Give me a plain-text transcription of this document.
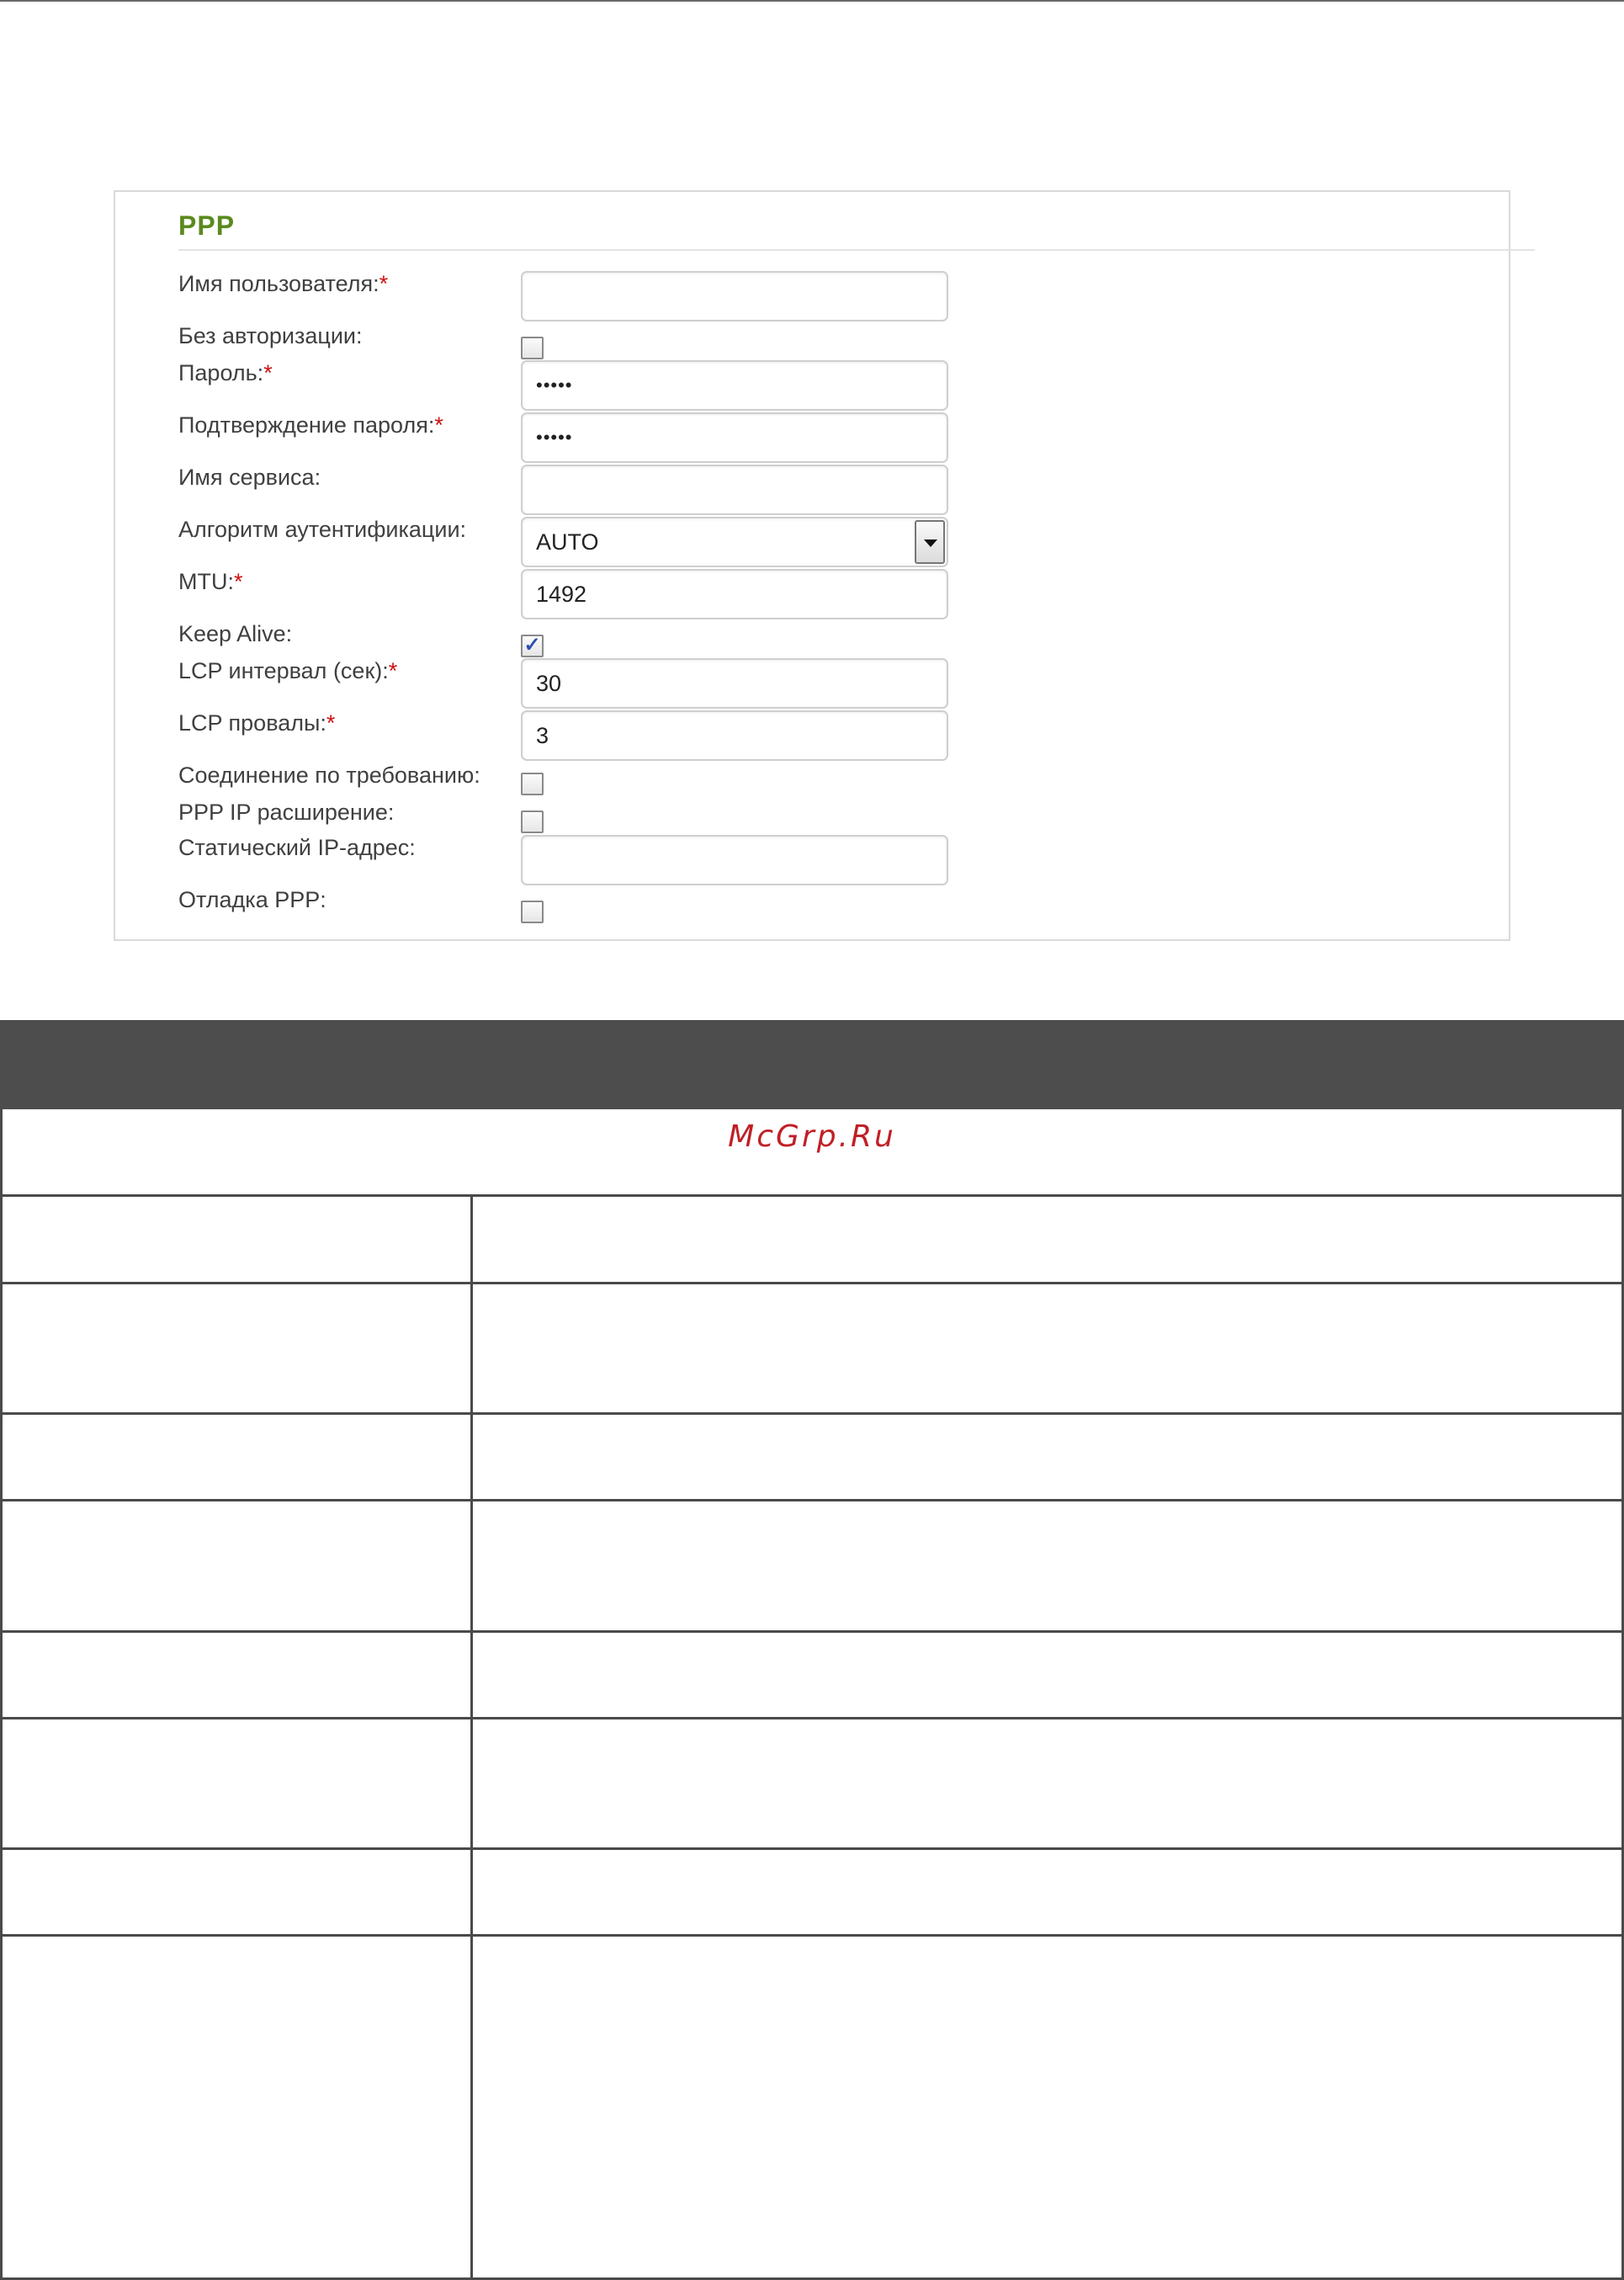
PPP
Имя пользователя:*
Без авторизации:
Пароль:*	•••••
Подтверждение пароля:*	•••••
Имя сервиса:
Алгоритм аутентификации:	AUTO
MTU:*	1492
Keep Alive:	✓
LCP интервал (сек):*	30
LCP провалы:*	3
Соединение по требованию:
PPP IP расширение:
Статический IP-адрес:
Отладка PPP:
McGrp.Ru
